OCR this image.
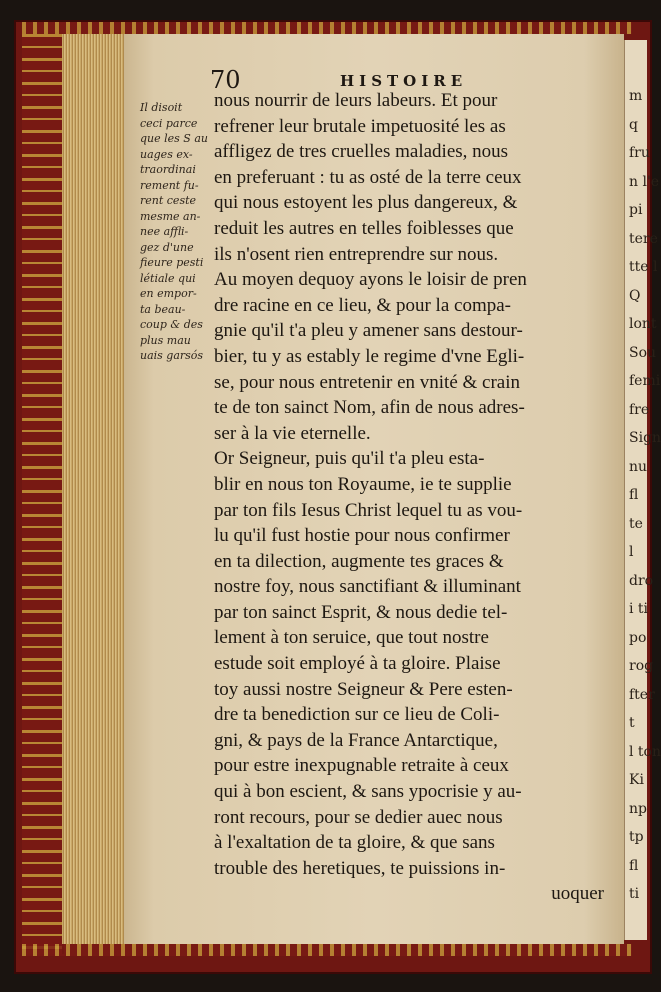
m
q
fru
n l'e
pi
tere
tte l
Q
lont
Sou
femi
fre
Sign
nu
fl
te
l
dro
i ti
po
rog
fter
t
l ton
Ki
np
tp
fl
ti
70	HISTOIRE
Il disoit
ceci parce
que les S au
uages ex-
traordinai
rement fu-
rent ceste
mesme an-
nee affli-
gez d'une
fieure pesti
létiale qui
en empor-
ta beau-
coup & des
plus mau
uais garsós
nous nourrir de leurs labeurs. Et pour
refrener leur brutale impetuosité les as
affligez de tres cruelles maladies, nous
en preferuant : tu as osté de la terre ceux
qui nous estoyent les plus dangereux, &
reduit les autres en telles foiblesses que
ils n'osent rien entreprendre sur nous.
Au moyen dequoy ayons le loisir de pren
dre racine en ce lieu, & pour la compa-
gnie qu'il t'a pleu y amener sans destour-
bier, tu y as estably le regime d'vne Egli-
se, pour nous entretenir en vnité & crain
te de ton sainct Nom, afin de nous adres-
ser à la vie eternelle.
Or Seigneur, puis qu'il t'a pleu esta-
blir en nous ton Royaume, ie te supplie
par ton fils Iesus Christ lequel tu as vou-
lu qu'il fust hostie pour nous confirmer
en ta dilection, augmente tes graces &
nostre foy, nous sanctifiant & illuminant
par ton sainct Esprit, & nous dedie tel-
lement à ton seruice, que tout nostre
estude soit employé à ta gloire. Plaise
toy aussi nostre Seigneur & Pere esten-
dre ta benediction sur ce lieu de Coli-
gni, & pays de la France Antarctique,
pour estre inexpugnable retraite à ceux
qui à bon escient, & sans ypocrisie y au-
ront recours, pour se dedier auec nous
à l'exaltation de ta gloire, & que sans
trouble des heretiques, te puissions in-
uoquer
